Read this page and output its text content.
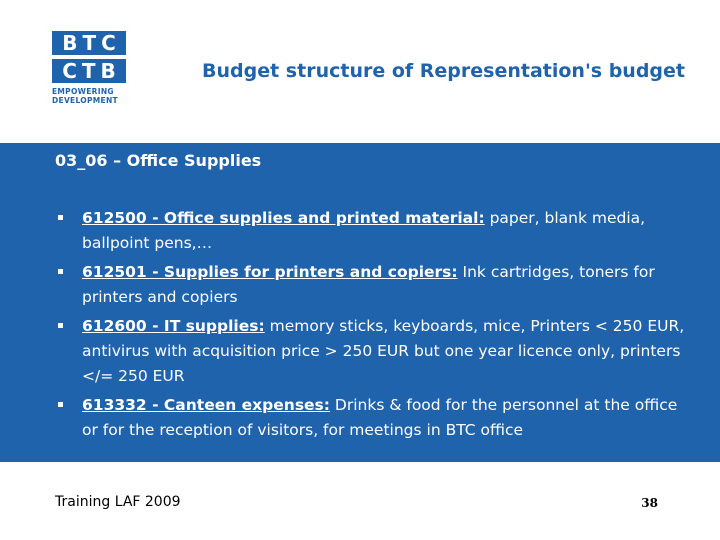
BTC
CTB
EMPOWERING
DEVELOPMENT
Budget structure of Representation's budget
03_06 – Office Supplies
612500 - Office supplies and printed material: paper, blank media, ballpoint pens,…
612501 - Supplies for printers and copiers: Ink cartridges, toners for printers and copiers
612600 - IT supplies: memory sticks, keyboards, mice, Printers < 250 EUR, antivirus with acquisition price > 250 EUR but one year licence only, printers </= 250 EUR
613332 - Canteen expenses: Drinks & food for the personnel at the office or for the reception of visitors, for meetings in BTC office
Training LAF 2009	38
